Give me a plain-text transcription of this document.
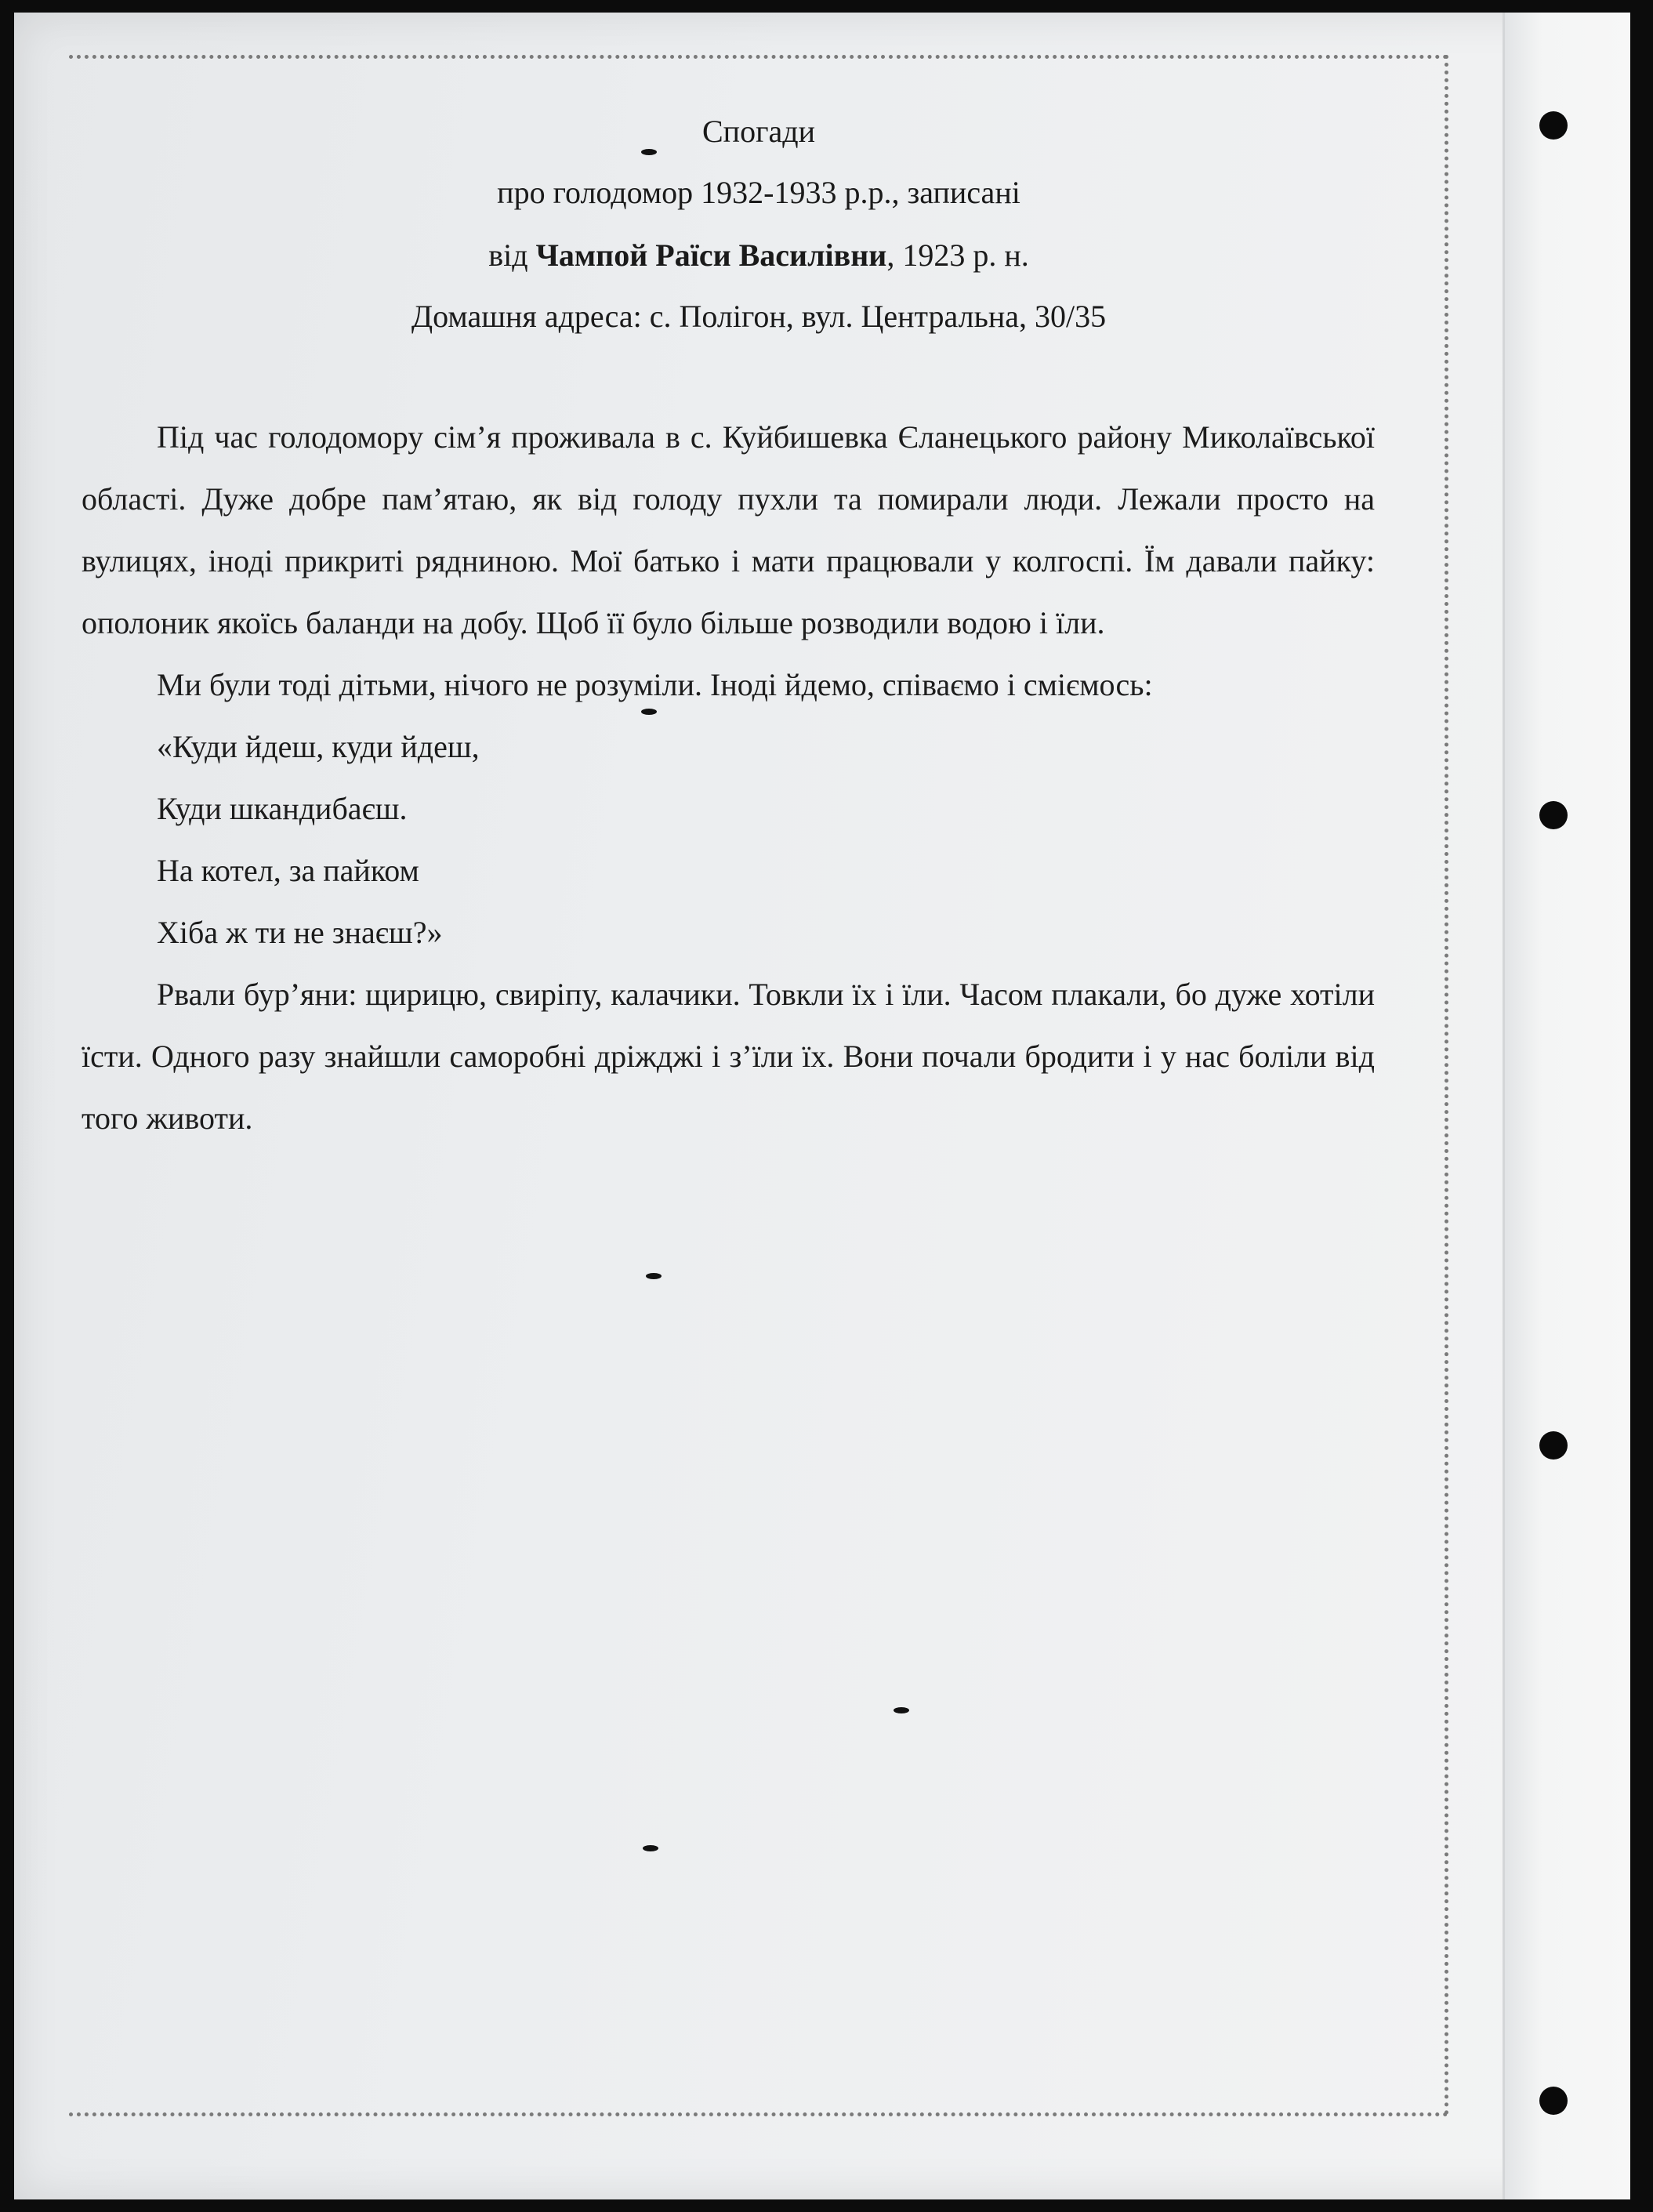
Спогади
про голодомор 1932-1933 р.р., записані
від Чампой Раїси Василівни, 1923 р. н.
Домашня адреса: с. Полігон, вул. Центральна, 30/35

Під час голодомору сім’я проживала в с. Куйбишевка Єланецького району Миколаївської області. Дуже добре пам’ятаю, як від голоду пухли та помирали люди. Лежали просто на вулицях, іноді прикриті рядниною. Мої батько і мати працювали у колгоспі. Їм давали пайку: ополоник якоїсь баланди на добу. Щоб її було більше розводили водою і їли.

Ми були тоді дітьми, нічого не розуміли. Іноді йдемо, співаємо і сміємось:

«Куди йдеш, куди йдеш,

Куди шкандибаєш.

На котел, за пайком

Хіба ж ти не знаєш?»

Рвали бур’яни: щирицю, свиріпу, калачики. Товкли їх і їли. Часом плакали, бо дуже хотіли їсти. Одного разу знайшли саморобні дріжджі і з’їли їх. Вони почали бродити і у нас боліли від того животи.
